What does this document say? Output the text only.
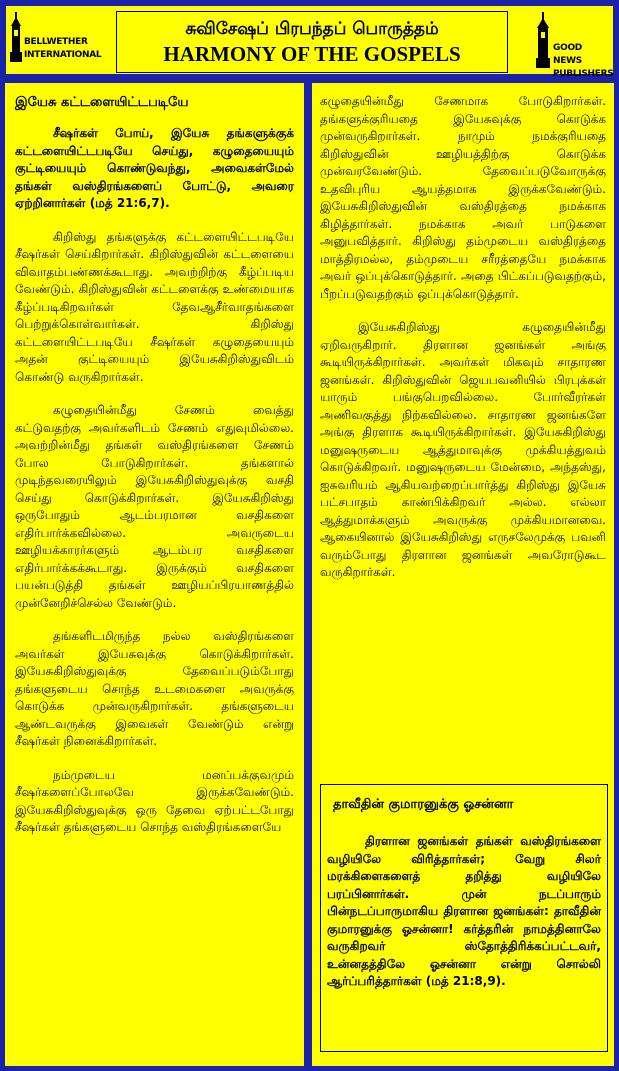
BELLWETHER
INTERNATIONAL
சுவிசேஷப் பிரபந்தப் பொருத்தம்
HARMONY OF THE GOSPELS	GOOD NEWS
PUBLISHERS
இயேசு கட்டளையிட்டபடியே

சீஷர்கள் போய், இயேசு தங்களுக்குக் கட்டளையிட்டபடியே செய்து, கழுதையையும் குட்டியையும் கொண்டுவந்து, அவைகள்மேல் தங்கள் வஸ்திரங்களைப் போட்டு, அவரை ஏற்றினார்கள் (மத் 21:6,7).

கிறிஸ்து தங்களுக்கு கட்டளையிட்டபடியே சீஷர்கள் செய்கிறார்கள். கிறிஸ்துவின் கட்டளையை விவாதம்பண்ணக்கூடாது. அவற்றிற்கு கீழ்ப்படிய வேண்டும். கிறிஸ்துவின் கட்டளைக்கு உண்மையாக கீழ்ப்படிகிறவர்கள் தேவஆசீர்வாதங்களை பெற்றுக்கொள்வார்கள். கிறிஸ்து கட்டளையிட்டபடியே சீஷர்கள் கழுதையையும் அதன் குட்டியையும் இயேசுகிறிஸ்துவிடம் கொண்டு வருகிறார்கள்.

கழுதையின்மீது சேணம் வைத்து கட்டுவதற்கு அவர்களிடம் சேணம் எதுவுமில்லை. அவற்றின்மீது தங்கள் வஸ்திரங்களை சேணம் போல போடுகிறார்கள். தங்களால் முடிந்தவரையிலும் இயேசுகிறிஸ்துவுக்கு வசதி செய்து கொடுக்கிறார்கள். இயேசுகிறிஸ்து ஒருபோதும் ஆடம்பரமான வசதிகளை எதிர்பார்க்கவில்லை. அவருடைய ஊழியக்காரர்களும் ஆடம்பர வசதிகளை எதிர்பார்க்கக்கூடாது. இருக்கும் வசதிகளை பயன்படுத்தி தங்கள் ஊழியப்பிரயாணத்தில் முன்னேறிச்செல்ல வேண்டும்.

தங்களிடமிருந்த நல்ல வஸ்திரங்களை அவர்கள் இயேசுவுக்கு கொடுக்கிறார்கள். இயேசுகிறிஸ்துவுக்கு தேவைப்படும்போது தங்களுடைய சொந்த உடமைகளை அவருக்கு கொடுக்க முன்வருகிறார்கள். தங்களுடைய ஆண்டவருக்கு இவைகள் வேண்டும் என்று சீஷர்கள் நினைக்கிறார்கள்.

நம்முடைய மனப்பக்குவமும் சீஷர்களைப்போலவே இருக்கவேண்டும். இயேசுகிறிஸ்துவுக்கு ஒரு தேவை ஏற்பட்டபோது சீஷர்கள் தங்களுடைய சொந்த வஸ்திரங்களையே

கழுதையின்மீது சேணமாக போடுகிறார்கள். தங்களுக்குரியதை இயேசுவுக்கு கொடுக்க முன்வருகிறார்கள். நாமும் நமக்குரியதை கிறிஸ்துவின் ஊழியத்திற்கு கொடுக்க முன்வரவேண்டும். தேவைப்படுவோருக்கு உதவிபுரிய ஆயத்தமாக இருக்கவேண்டும். இயேசுகிறிஸ்துவின் வஸ்திரத்தை நமக்காக கிழித்தார்கள். நமக்காக அவர் பாடுகளை அனுபவித்தார். கிறிஸ்து தம்முடைய வஸ்திரத்தை மாத்திரமல்ல, தம்முடைய சரீரத்தையே நமக்காக அவர் ஒப்புக்கொடுத்தார். அதை பிட்கப்படுவதற்கும், பீறப்படுவதற்கும் ஒப்புக்கொடுத்தார்.

இயேசுகிறிஸ்து கழுதையின்மீது ஏறிவருகிறார். திரளான ஜனங்கள் அங்கு கூடியிருக்கிறார்கள். அவர்கள் மிகவும் சாதாரண ஜனங்கள். கிறிஸ்துவின் ஜெயபவனியில் பிரபுக்கள் யாரும் பங்குபெறவில்லை. போர்வீரர்கள் அணிவகுத்து நிற்கவில்லை. சாதாரண ஜனங்களே அங்கு திரளாக கூடியிருக்கிறார்கள். இயேசுகிறிஸ்து மனுஷருடைய ஆத்துமாவுக்கு முக்கியத்துவம் கொடுக்கிறவர். மனுஷருடைய மேன்மை, அந்தஸ்து, ஐசுவரியம் ஆகியவற்றைப்பார்த்து கிறிஸ்து இயேசு பட்சபாதம் காண்பிக்கிறவர் அல்ல. எல்லா ஆத்துமாக்களும் அவருக்கு முக்கியமானவை. ஆகையினால் இயேசுகிறிஸ்து எருசலேமுக்கு பவனி வரும்போது திரளான ஜனங்கள் அவரோடுகூட வருகிறார்கள்.

தாவீதின் குமாரனுக்கு ஓசன்னா

திரளான ஜனங்கள் தங்கள் வஸ்திரங்களை வழியிலே விரித்தார்கள்; வேறு சிலர் மரக்கிளைகளைத் தறித்து வழியிலே பரப்பினார்கள். முன் நடப்பாரும் பின்நடப்பாருமாகிய திரளான ஜனங்கள்: தாவீதின் குமாரனுக்கு ஓசன்னா! கர்த்தரின் நாமத்தினாலே வருகிறவர் ஸ்தோத்திரிக்கப்பட்டவர், உன்னதத்திலே ஓசன்னா என்று சொல்லி ஆர்ப்பரித்தார்கள் (மத் 21:8,9).
